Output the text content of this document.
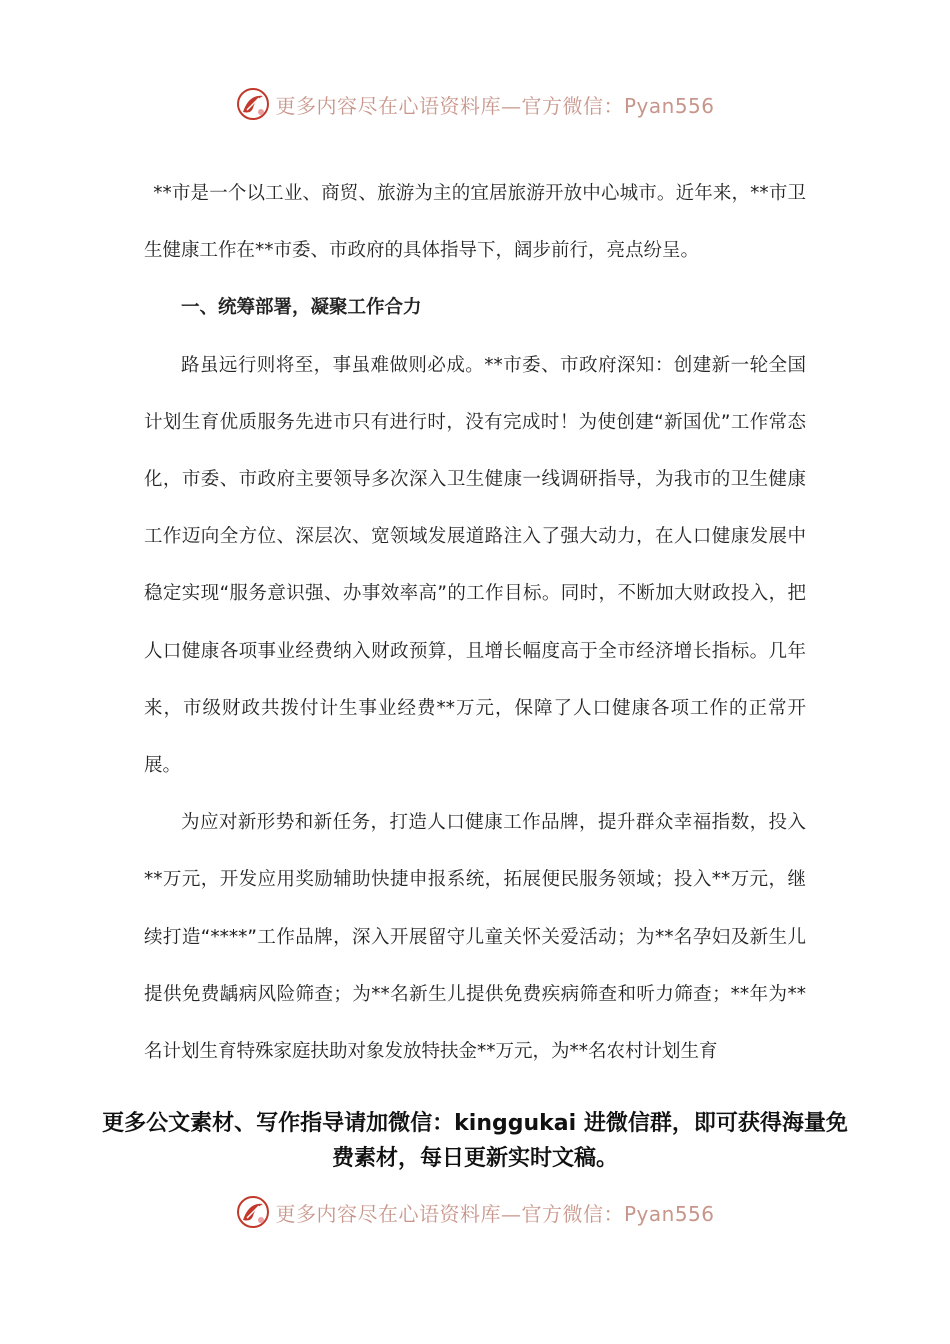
更多内容尽在心语资料库—官方微信：Pyan556

**市是一个以工业、商贸、旅游为主的宜居旅游开放中心城市。近年来，**市卫生健康工作在**市委、市政府的具体指导下，阔步前行，亮点纷呈。

一、统筹部署，凝聚工作合力

路虽远行则将至，事虽难做则必成。**市委、市政府深知：创建新一轮全国计划生育优质服务先进市只有进行时，没有完成时！为使创建“新国优”工作常态化，市委、市政府主要领导多次深入卫生健康一线调研指导，为我市的卫生健康工作迈向全方位、深层次、宽领域发展道路注入了强大动力，在人口健康发展中稳定实现“服务意识强、办事效率高”的工作目标。同时，不断加大财政投入，把人口健康各项事业经费纳入财政预算，且增长幅度高于全市经济增长指标。几年来，市级财政共拨付计生事业经费**万元，保障了人口健康各项工作的正常开展。

为应对新形势和新任务，打造人口健康工作品牌，提升群众幸福指数，投入**万元，开发应用奖励辅助快捷申报系统，拓展便民服务领域；投入**万元，继续打造“****”工作品牌，深入开展留守儿童关怀关爱活动；为**名孕妇及新生儿提供免费龋病风险筛查；为**名新生儿提供免费疾病筛查和听力筛查；**年为**名计划生育特殊家庭扶助对象发放特扶金**万元，为**名农村计划生育

更多公文素材、写作指导请加微信：kinggukai 进微信群，即可获得海量免费素材，每日更新实时文稿。
更多内容尽在心语资料库—官方微信：Pyan556
